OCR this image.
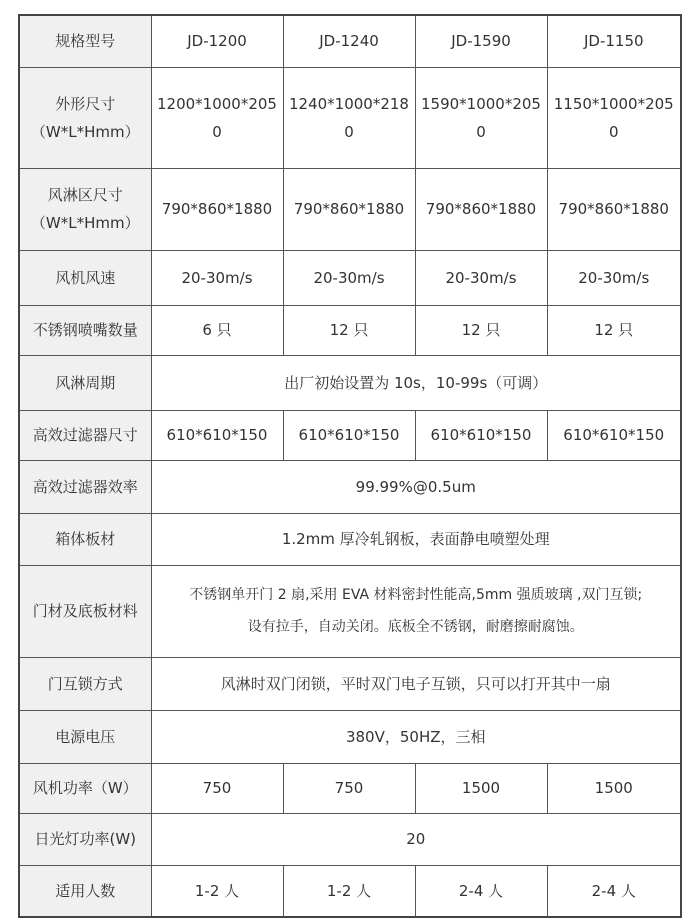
规格型号	JD-1200	JD-1240	JD-1590	JD-1150

外形尺寸
（W*L*Hmm）	1200*1000*2050	1240*1000*2180	1590*1000*2050	1150*1000*2050

风淋区尺寸
（W*L*Hmm）	790*860*1880	790*860*1880	790*860*1880	790*860*1880
风机风速	20-30m/s	20-30m/s	20-30m/s	20-30m/s
不锈钢喷嘴数量	6 只	12 只	12 只	12 只
风淋周期	出厂初始设置为 10s，10-99s（可调）			
高效过滤器尺寸	610*610*150	610*610*150	610*610*150	610*610*150
高效过滤器效率	99.99%@0.5um			
箱体板材	1.2mm 厚冷轧钢板，表面静电喷塑处理			
门材及底板材料	不锈钢单开门 2 扇,采用 EVA 材料密封性能高,5mm 强质玻璃 ,双门互锁;
设有拉手，自动关闭。底板全不锈钢，耐磨擦耐腐蚀。			

门互锁方式	风淋时双门闭锁，平时双门电子互锁，只可以打开其中一扇			
电源电压	380V，50HZ，三相			
风机功率（W）	750	750	1500	1500
日光灯功率(W)	20			
适用人数	1-2 人	1-2 人	2-4 人	2-4 人
